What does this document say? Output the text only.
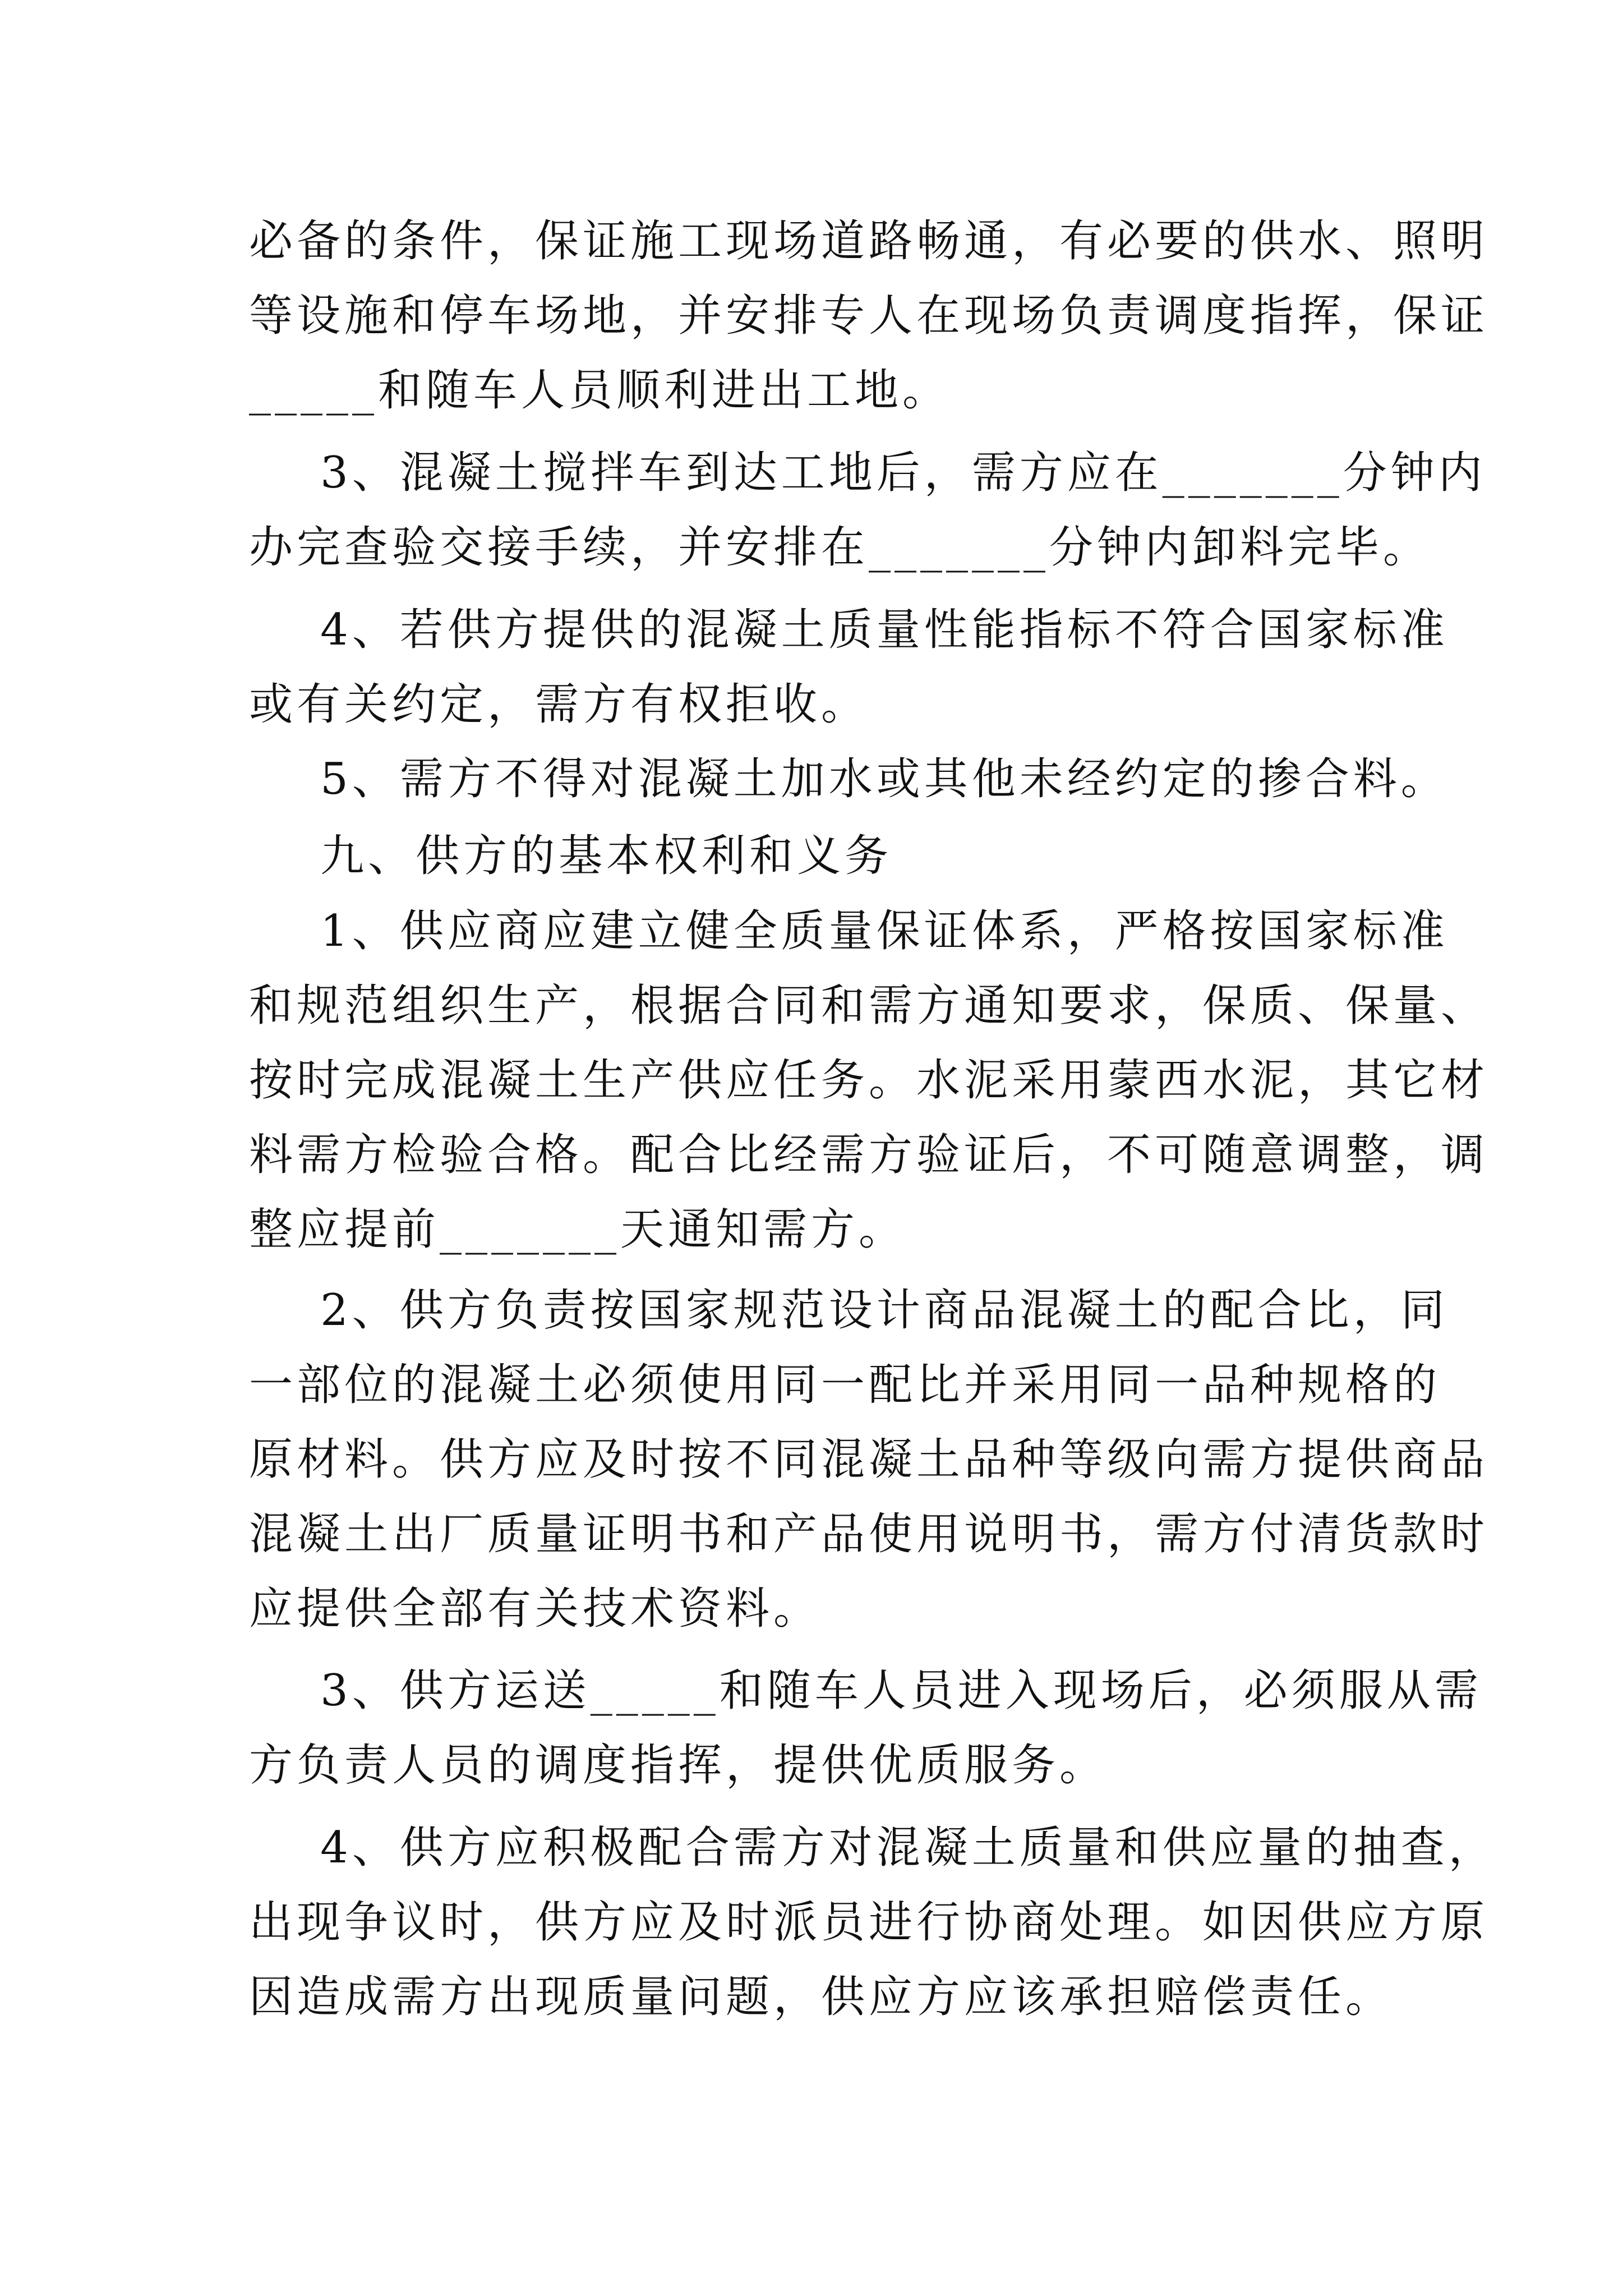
必备的条件，保证施工现场道路畅通，有必要的供水、照明
等设施和停车场地，并安排专人在现场负责调度指挥，保证
_____和随车人员顺利进出工地。
3、混凝土搅拌车到达工地后，需方应在_______分钟内
办完查验交接手续，并安排在_______分钟内卸料完毕。
4、若供方提供的混凝土质量性能指标不符合国家标准
或有关约定，需方有权拒收。
5、需方不得对混凝土加水或其他未经约定的掺合料。
九、供方的基本权利和义务
1、供应商应建立健全质量保证体系，严格按国家标准
和规范组织生产，根据合同和需方通知要求，保质、保量、
按时完成混凝土生产供应任务。水泥采用蒙西水泥，其它材
料需方检验合格。配合比经需方验证后，不可随意调整，调
整应提前_______天通知需方。
2、供方负责按国家规范设计商品混凝土的配合比，同
一部位的混凝土必须使用同一配比并采用同一品种规格的
原材料。供方应及时按不同混凝土品种等级向需方提供商品
混凝土出厂质量证明书和产品使用说明书，需方付清货款时
应提供全部有关技术资料。
3、供方运送_____和随车人员进入现场后，必须服从需
方负责人员的调度指挥，提供优质服务。
4、供方应积极配合需方对混凝土质量和供应量的抽查，
出现争议时，供方应及时派员进行协商处理。如因供应方原
因造成需方出现质量问题，供应方应该承担赔偿责任。
